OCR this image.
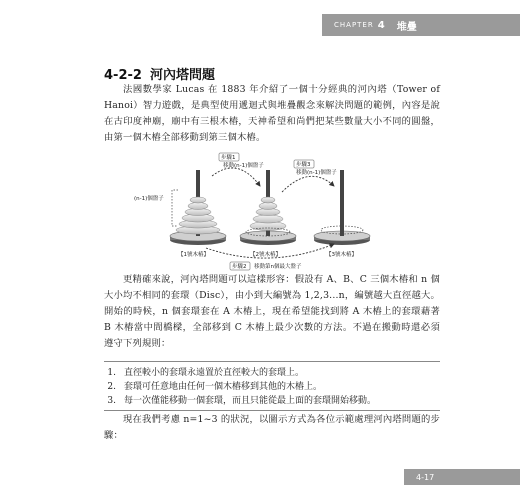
CHAPTER 4 堆疊
4-2-2 河內塔問題

法國數學家 Lucas 在 1883 年介紹了一個十分經典的河內塔（Tower of Hanoi）智力遊戲，是典型使用遞迴式與堆疊觀念來解決問題的範例，內容是說在古印度神廟，廟中有三根木樁，天神希望和尚們把某些數量大小不同的圓盤，由第一個木樁全部移動到第三個木樁。

步驟1
移動(n-1)個盤子	步驟3
移動(n-1)個盤子
(n-1)個盤子
【1號木樁】	【2號木樁】	【3號木樁】
步驟2 移動第n個最大盤子

更精確來說，河內塔問題可以這樣形容：假設有 A、B、C 三個木樁和 n 個大小均不相同的套環（Disc），由小到大編號為 1,2,3...n，編號越大直徑越大。開始的時候，n 個套環套在 A 木樁上，現在希望能找到將 A 木樁上的套環藉著 B 木樁當中間橋樑，全部移到 C 木樁上最少次數的方法。不過在搬動時還必須遵守下列規則：

1. 直徑較小的套環永遠置於直徑較大的套環上。
2. 套環可任意地由任何一個木樁移到其他的木樁上。
3. 每一次僅能移動一個套環，而且只能從最上面的套環開始移動。

現在我們考慮 n=1~3 的狀況，以圖示方式為各位示範處理河內塔問題的步驟：

4-17
